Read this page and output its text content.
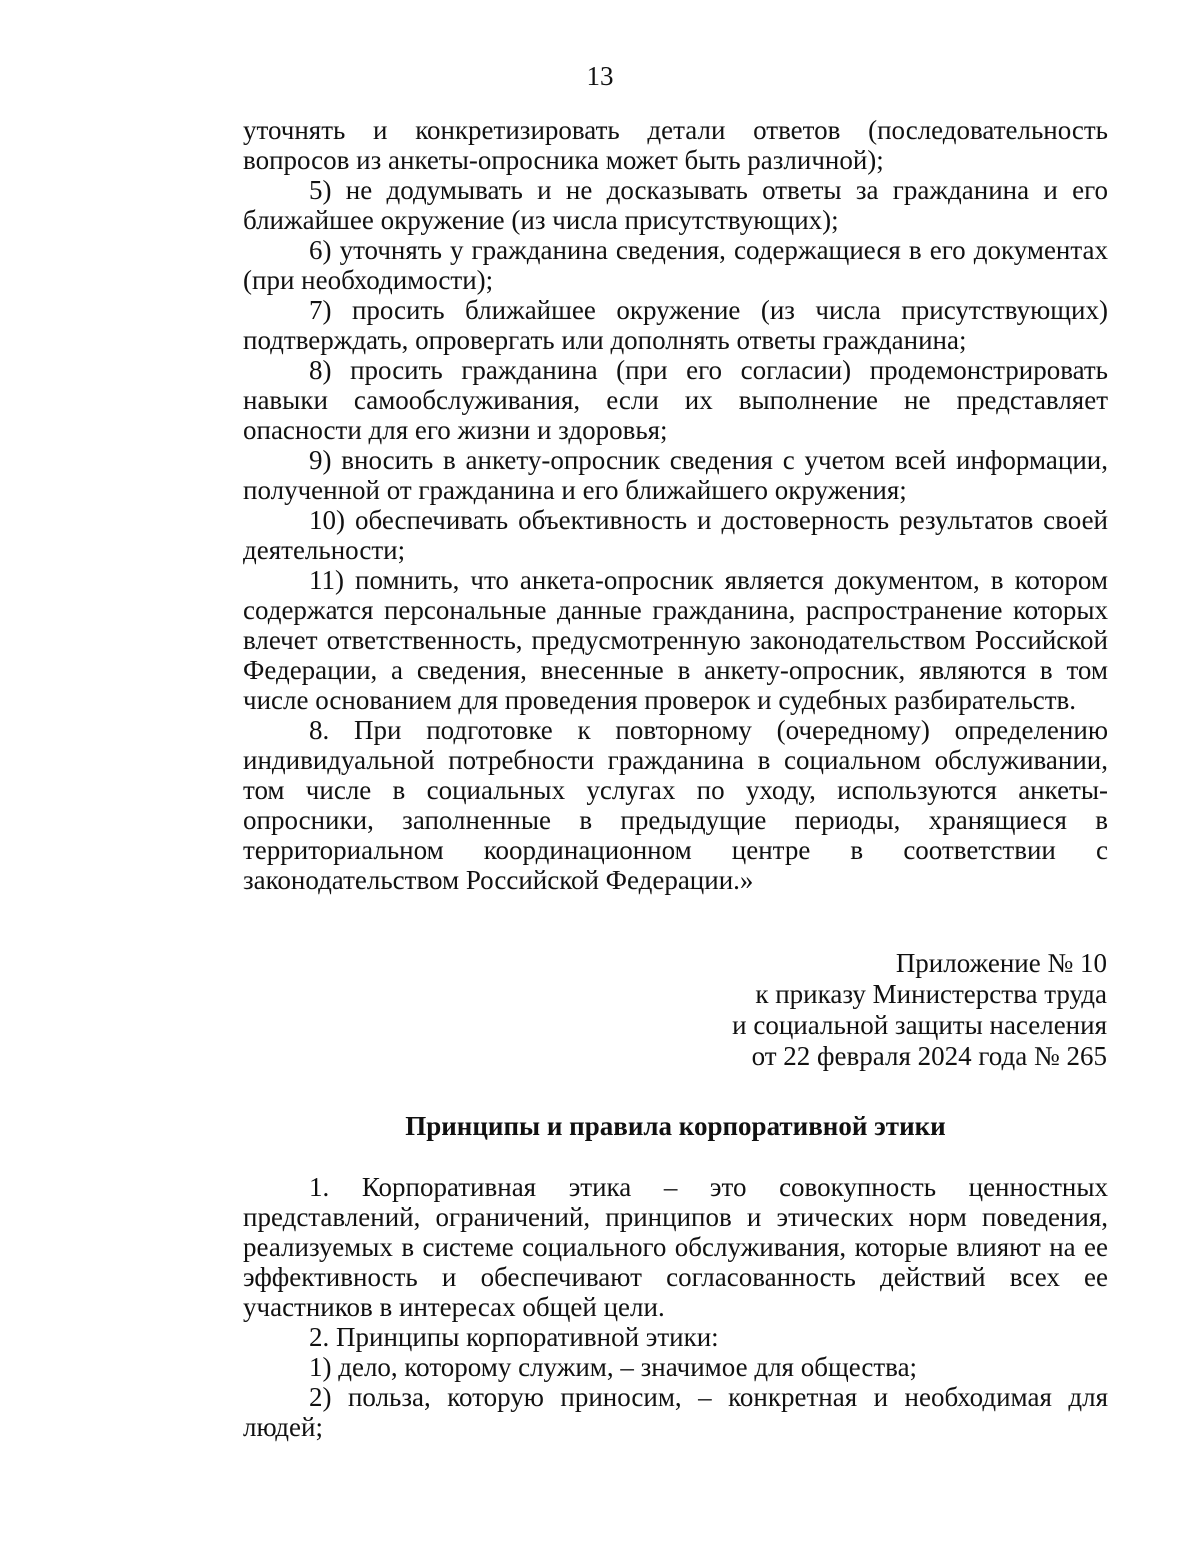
13

уточнять и конкретизировать детали ответов (последовательность вопросов из анкеты-опросника может быть различной);

5) не додумывать и не досказывать ответы за гражданина и его ближайшее окружение (из числа присутствующих);

6) уточнять у гражданина сведения, содержащиеся в его документах (при необходимости);

7) просить ближайшее окружение (из числа присутствующих) подтверждать, опровергать или дополнять ответы гражданина;

8) просить гражданина (при его согласии) продемонстрировать навыки самообслуживания, если их выполнение не представляет опасности для его жизни и здоровья;

9) вносить в анкету-опросник сведения с учетом всей информации, полученной от гражданина и его ближайшего окружения;

10) обеспечивать объективность и достоверность результатов своей деятельности;

11) помнить, что анкета-опросник является документом, в котором содержатся персональные данные гражданина, распространение которых влечет ответственность, предусмотренную законодательством Российской Федерации, а сведения, внесенные в анкету-опросник, являются в том числе основанием для проведения проверок и судебных разбирательств.

8. При подготовке к повторному (очередному) определению индивидуальной потребности гражданина в социальном обслуживании, том числе в социальных услугах по уходу, используются анкеты-опросники, заполненные в предыдущие периоды, хранящиеся в территориальном координационном центре в соответствии с законодательством Российской Федерации.»

Приложение № 10
к приказу Министерства труда
и социальной защиты населения
от 22 февраля 2024 года № 265
Принципы и правила корпоративной этики

1. Корпоративная этика – это совокупность ценностных представлений, ограничений, принципов и этических норм поведения, реализуемых в системе социального обслуживания, которые влияют на ее эффективность и обеспечивают согласованность действий всех ее участников в интересах общей цели.

2. Принципы корпоративной этики:

1) дело, которому служим, – значимое для общества;

2) польза, которую приносим, – конкретная и необходимая для людей;
